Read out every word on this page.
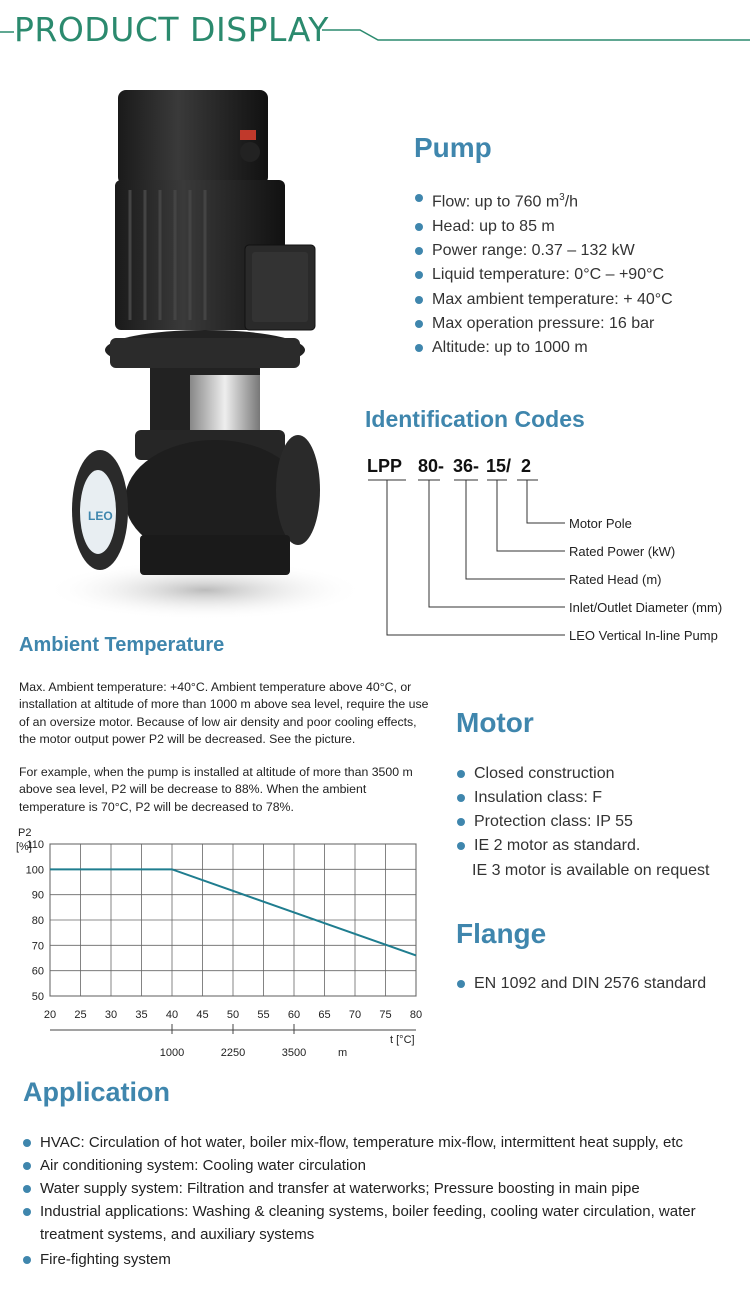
PRODUCT DISPLAY
LEO
Pump
Flow: up to 760 $m^3/h$
Head: up to 85 m
Power range: 0.37 – 132 kW
Liquid temperature: 0°C – +90°C
Max ambient temperature: + 40°C
Max operation pressure: 16 bar
Altitude: up to 1000 m
Identification Codes
LPP 80- 36- 15/ 2
Motor Pole
Rated Power (kW)
Rated Head (m)
Inlet/Outlet Diameter (mm)
LEO Vertical In-line Pump
Ambient Temperature
Max. Ambient temperature: +40°C. Ambient temperature above 40°C, or installation at altitude of more than 1000 m above sea level, require the use of an oversize motor. Because of low air density and poor cooling effects, the motor output power P2 will be decreased. See the picture.
For example, when the pump is installed at altitude of more than 3500 m above sea level, P2 will be decrease to 88%. When the ambient temperature is 70°C, P2 will be decreased to 78%.
50
60
70
80
90
100
110
20 25 30 35 40 45 50 55 60 65 70 75 80
1000	2250	3500
P2
[%]
t [°C]
m
Motor
Closed construction
Insulation class: F
Protection class: IP 55
IE 2 motor as standard.
IE 3 motor is available on request
Flange
EN 1092 and DIN 2576 standard
Application
HVAC: Circulation of hot water, boiler mix-flow, temperature mix-flow, intermittent heat supply, etc
Air conditioning system: Cooling water circulation
Water supply system: Filtration and transfer at waterworks; Pressure boosting in main pipe
Industrial applications: Washing & cleaning systems, boiler feeding, cooling water circulation, water treatment systems, and auxiliary systems
Fire-fighting system
